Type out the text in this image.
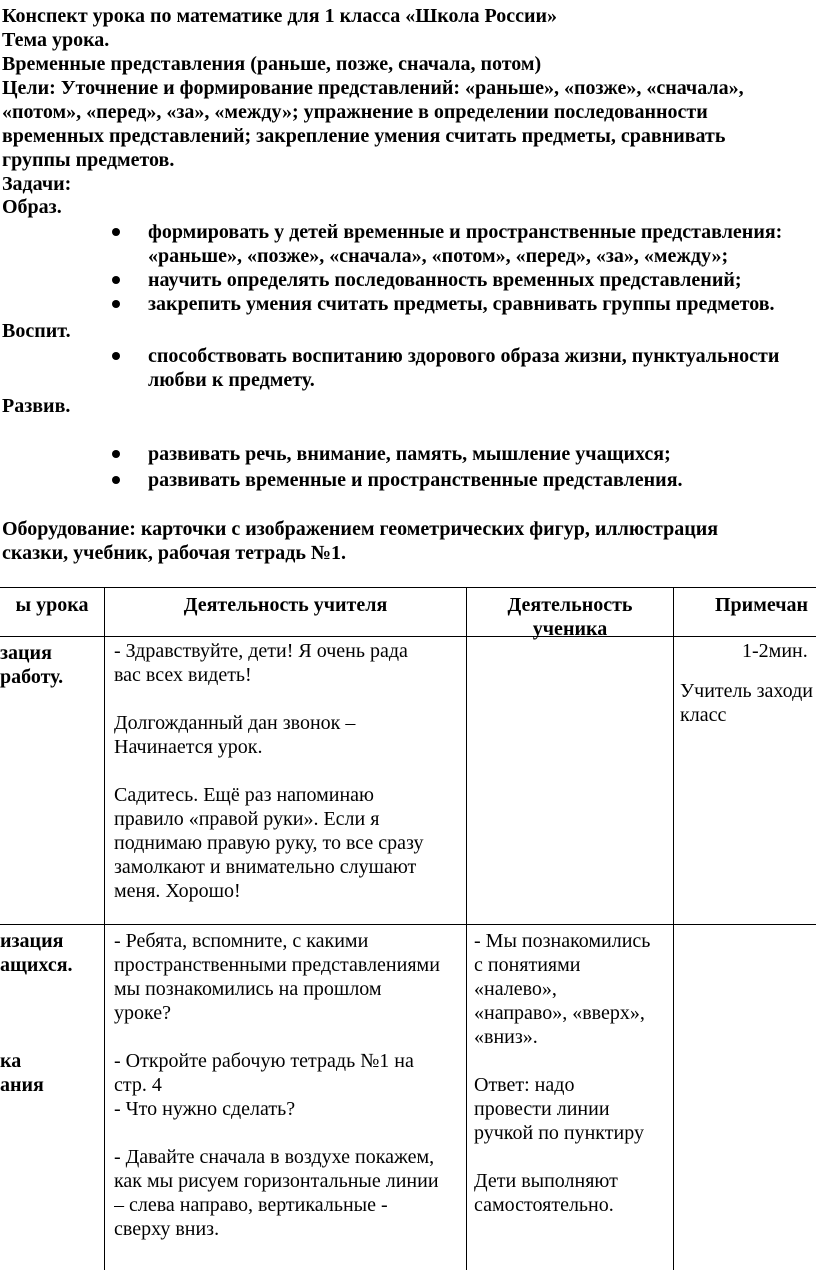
Конспект урока по математике для 1 класса «Школа России»
Тема урока.
Временные представления (раньше, позже, сначала, потом)
Цели: Уточнение и формирование представлений: «раньше», «позже», «сначала»,
«потом», «перед», «за», «между»; упражнение в определении последованности
временных представлений; закрепление умения считать предметы, сравнивать
группы предметов.
Задачи:
Образ.
формировать у детей временные и пространственные представления:
«раньше», «позже», «сначала», «потом», «перед», «за», «между»;
научить определять последованность временных представлений;
закрепить умения считать предметы, сравнивать группы предметов.
Воспит.
способствовать воспитанию здорового образа жизни, пунктуальности
любви к предмету.
Развив.
развивать речь, внимание, память, мышление учащихся;
развивать временные и пространственные представления.
Оборудование: карточки с изображением геометрических фигур, иллюстрация
сказки, учебник, рабочая тетрадь №1.
ы урока	Деятельность учителя	Деятельность
ученика
Примечан
зация
работу.
- Здравствуйте, дети! Я очень рада
вас всех видеть!
Долгожданный дан звонок –
Начинается урок.
Садитесь. Ещё раз напоминаю
правило «правой руки». Если я
поднимаю правую руку, то все сразу
замолкают и внимательно слушают
меня. Хорошо!
1-2мин.
Учитель заходи
класс
изация
ащихся.
ка
ания
- Ребята, вспомните, с какими
пространственными представлениями
мы познакомились на прошлом
уроке?
- Откройте рабочую тетрадь №1 на
стр. 4
- Что нужно сделать?
- Давайте сначала в воздухе покажем,
как мы рисуем горизонтальные линии
– слева направо, вертикальные -
сверху вниз.
- Мы познакомились
с понятиями
«налево»,
«направо», «вверх»,
«вниз».
Ответ: надо
провести линии
ручкой по пунктиру
Дети выполняют
самостоятельно.
